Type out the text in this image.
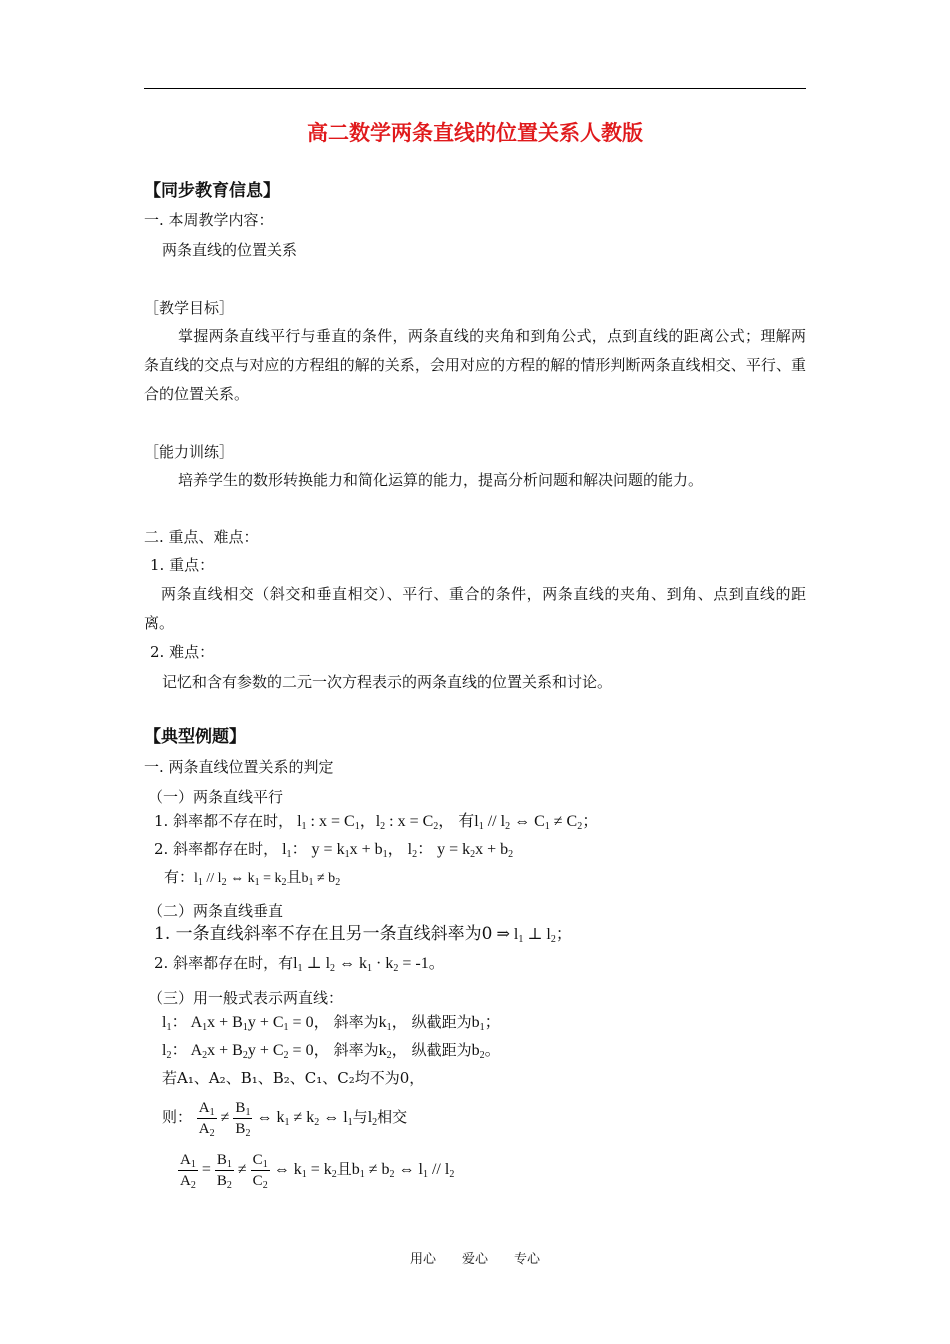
高二数学两条直线的位置关系人教版
【同步教育信息】
一. 本周教学内容：
两条直线的位置关系
［教学目标］
掌握两条直线平行与垂直的条件，两条直线的夹角和到角公式，点到直线的距离公式；理解两条直线的交点与对应的方程组的解的关系，会用对应的方程的解的情形判断两条直线相交、平行、重合的位置关系。
［能力训练］
培养学生的数形转换能力和简化运算的能力，提高分析问题和解决问题的能力。
二. 重点、难点：
1. 重点：
两条直线相交（斜交和垂直相交）、平行、重合的条件，两条直线的夹角、到角、点到直线的距离。
2. 难点：
记忆和含有参数的二元一次方程表示的两条直线的位置关系和讨论。
【典型例题】
一. 两条直线位置关系的判定
（一）两条直线平行
1. 斜率都不存在时， $l_1$ : $x = C_1$，$l_2$ : $x = C_2$， 有$l_1 // l_2$ ⇔ $C_1 \ne C_2$；
2. 斜率都存在时， $l_1$： $y = k_1x + b_1$， $l_2$： $y = k_2x + b_2$
有：$l_1 // l_2$ ⇔ $k_1 = k_2$且$b_1 \ne b_2$
（二）两条直线垂直
1. 一条直线斜率不存在且另一条直线斜率为0 ⇒ $l_1$ ⊥ $l_2$；
2. 斜率都存在时，有$l_1$ ⊥ $l_2$ ⇔ $k_1 \cdot k_2 = -1$。
（三）用一般式表示两直线：
$l_1$： $A_1x + B_1y + C_1 = 0$， 斜率为$k_1$， 纵截距为$b_1$；
$l_2$： $A_2x + B_2y + C_2 = 0$， 斜率为$k_2$， 纵截距为$b_2$。
若A₁、A₂、B₁、B₂、C₁、C₂均不为0，
则： $\frac{A_1}{A_2} \ne \frac{B_1}{B_2}$ ⇔ $k_1 \ne k_2$ ⇔ $l_1$与$l_2$相交
$\frac{A_1}{A_2} = \frac{B_1}{B_2} \ne \frac{C_1}{C_2}$ ⇔ $k_1 = k_2$且$b_1 \ne b_2$ ⇔ $l_1 // l_2$
用心　　爱心　　专心
